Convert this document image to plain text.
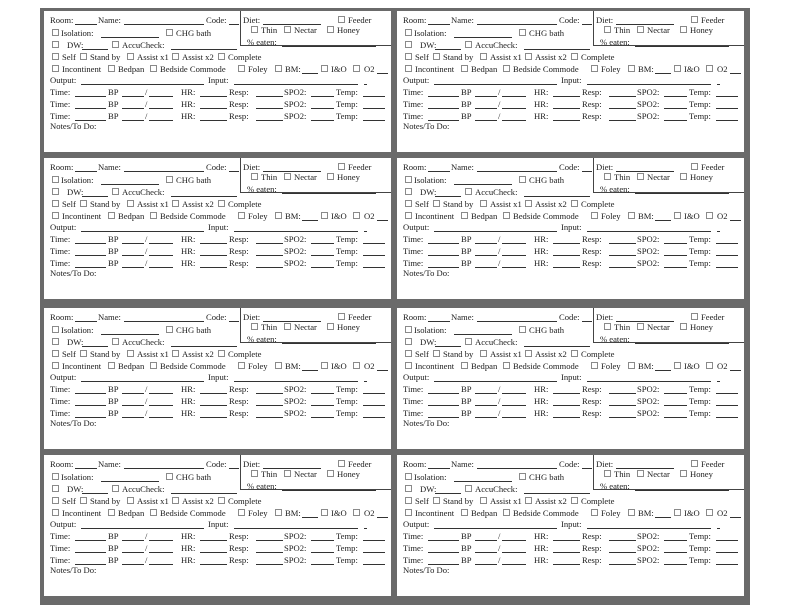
Room:	Name:	Code: Diet:	Feeder
Isolation:	CHG bath	Thin Nectar Honey
DW:	AccuCheck:	% eaten:
Self Stand by Assist x1 Assist x2 Complete
Incontinent Bedpan Bedside Commode	Foley BM:	I&O O2
Output:	Input:
Time:	BP	/	HR:	Resp:	SPO2:	Temp:
Time:	BP	/	HR:	Resp:	SPO2:	Temp:
Time:	BP	/	HR:	Resp:	SPO2:	Temp:
Notes/To Do:
Room:	Name:	Code: Diet:	Feeder
Isolation:	CHG bath	Thin Nectar Honey
DW:	AccuCheck:	% eaten:
Self Stand by Assist x1 Assist x2 Complete
Incontinent Bedpan Bedside Commode	Foley BM:	I&O O2
Output:	Input:
Time:	BP	/	HR:	Resp:	SPO2:	Temp:
Time:	BP	/	HR:	Resp:	SPO2:	Temp:
Time:	BP	/	HR:	Resp:	SPO2:	Temp:
Notes/To Do:
Room:	Name:	Code: Diet:	Feeder
Isolation:	CHG bath	Thin Nectar Honey
DW:	AccuCheck:	% eaten:
Self Stand by Assist x1 Assist x2 Complete
Incontinent Bedpan Bedside Commode	Foley BM:	I&O O2
Output:	Input:
Time:	BP	/	HR:	Resp:	SPO2:	Temp:
Time:	BP	/	HR:	Resp:	SPO2:	Temp:
Time:	BP	/	HR:	Resp:	SPO2:	Temp:
Notes/To Do:
Room:	Name:	Code: Diet:	Feeder
Isolation:	CHG bath	Thin Nectar Honey
DW:	AccuCheck:	% eaten:
Self Stand by Assist x1 Assist x2 Complete
Incontinent Bedpan Bedside Commode	Foley BM:	I&O O2
Output:	Input:
Time:	BP	/	HR:	Resp:	SPO2:	Temp:
Time:	BP	/	HR:	Resp:	SPO2:	Temp:
Time:	BP	/	HR:	Resp:	SPO2:	Temp:
Notes/To Do:
Room:	Name:	Code: Diet:	Feeder
Isolation:	CHG bath	Thin Nectar Honey
DW:	AccuCheck:	% eaten:
Self Stand by Assist x1 Assist x2 Complete
Incontinent Bedpan Bedside Commode	Foley BM:	I&O O2
Output:	Input:
Time:	BP	/	HR:	Resp:	SPO2:	Temp:
Time:	BP	/	HR:	Resp:	SPO2:	Temp:
Time:	BP	/	HR:	Resp:	SPO2:	Temp:
Notes/To Do:
Room:	Name:	Code: Diet:	Feeder
Isolation:	CHG bath	Thin Nectar Honey
DW:	AccuCheck:	% eaten:
Self Stand by Assist x1 Assist x2 Complete
Incontinent Bedpan Bedside Commode	Foley BM:	I&O O2
Output:	Input:
Time:	BP	/	HR:	Resp:	SPO2:	Temp:
Time:	BP	/	HR:	Resp:	SPO2:	Temp:
Time:	BP	/	HR:	Resp:	SPO2:	Temp:
Notes/To Do:
Room:	Name:	Code: Diet:	Feeder
Isolation:	CHG bath	Thin Nectar Honey
DW:	AccuCheck:	% eaten:
Self Stand by Assist x1 Assist x2 Complete
Incontinent Bedpan Bedside Commode	Foley BM:	I&O O2
Output:	Input:
Time:	BP	/	HR:	Resp:	SPO2:	Temp:
Time:	BP	/	HR:	Resp:	SPO2:	Temp:
Time:	BP	/	HR:	Resp:	SPO2:	Temp:
Notes/To Do:
Room:	Name:	Code: Diet:	Feeder
Isolation:	CHG bath	Thin Nectar Honey
DW:	AccuCheck:	% eaten:
Self Stand by Assist x1 Assist x2 Complete
Incontinent Bedpan Bedside Commode	Foley BM:	I&O O2
Output:	Input:
Time:	BP	/	HR:	Resp:	SPO2:	Temp:
Time:	BP	/	HR:	Resp:	SPO2:	Temp:
Time:	BP	/	HR:	Resp:	SPO2:	Temp:
Notes/To Do:
